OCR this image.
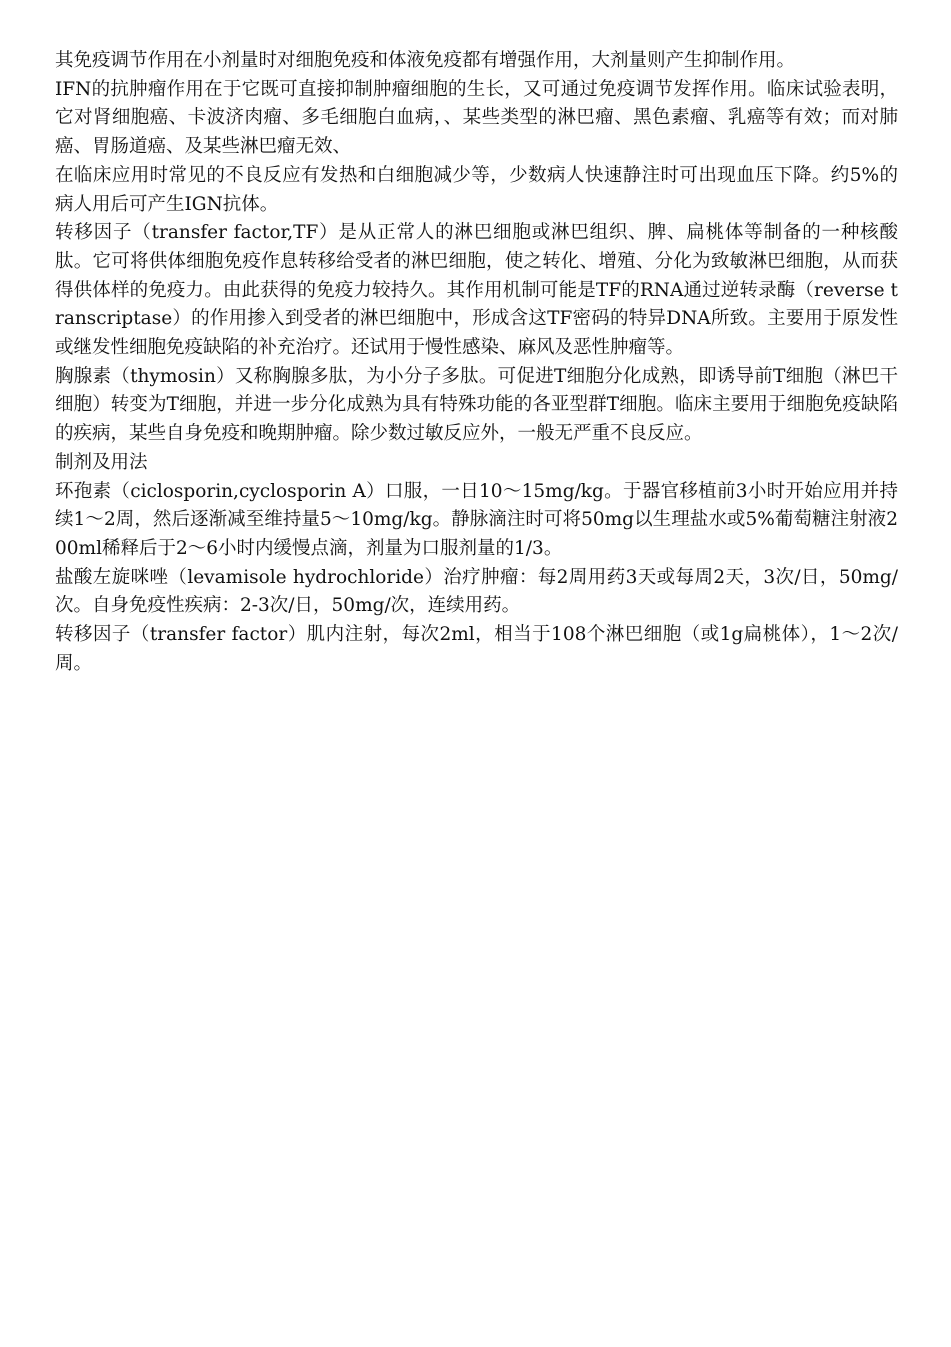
其免疫调节作用在小剂量时对细胞免疫和体液免疫都有增强作用，大剂量则产生抑制作用。

IFN的抗肿瘤作用在于它既可直接抑制肿瘤细胞的生长，又可通过免疫调节发挥作用。临床试验表明，它对肾细胞癌、卡波济肉瘤、多毛细胞白血病，、某些类型的淋巴瘤、黑色素瘤、乳癌等有效；而对肺癌、胃肠道癌、及某些淋巴瘤无效、

在临床应用时常见的不良反应有发热和白细胞减少等，少数病人快速静注时可出现血压下降。约5%的病人用后可产生IGN抗体。

转移因子（transfer factor,TF）是从正常人的淋巴细胞或淋巴组织、脾、扁桃体等制备的一种核酸肽。它可将供体细胞免疫作息转移给受者的淋巴细胞，使之转化、增殖、分化为致敏淋巴细胞，从而获得供体样的免疫力。由此获得的免疫力较持久。其作用机制可能是TF的RNA通过逆转录酶（reverse transcriptase）的作用掺入到受者的淋巴细胞中，形成含这TF密码的特异DNA所致。主要用于原发性或继发性细胞免疫缺陷的补充治疗。还试用于慢性感染、麻风及恶性肿瘤等。

胸腺素（thymosin）又称胸腺多肽，为小分子多肽。可促进T细胞分化成熟，即诱导前T细胞（淋巴干细胞）转变为T细胞，并进一步分化成熟为具有特殊功能的各亚型群T细胞。临床主要用于细胞免疫缺陷的疾病，某些自身免疫和晚期肿瘤。除少数过敏反应外，一般无严重不良反应。

制剂及用法

环孢素（ciclosporin,cyclosporin A）口服，一日10～15mg/kg。于器官移植前3小时开始应用并持续1～2周，然后逐渐减至维持量5～10mg/kg。静脉滴注时可将50mg以生理盐水或5%葡萄糖注射液200ml稀释后于2～6小时内缓慢点滴，剂量为口服剂量的1/3。

盐酸左旋咪唑（levamisole hydrochloride）治疗肿瘤：每2周用药3天或每周2天，3次/日，50mg/次。自身免疫性疾病：2-3次/日，50mg/次，连续用药。

转移因子（transfer factor）肌内注射，每次2ml，相当于108个淋巴细胞（或1g扁桃体），1～2次/周。
